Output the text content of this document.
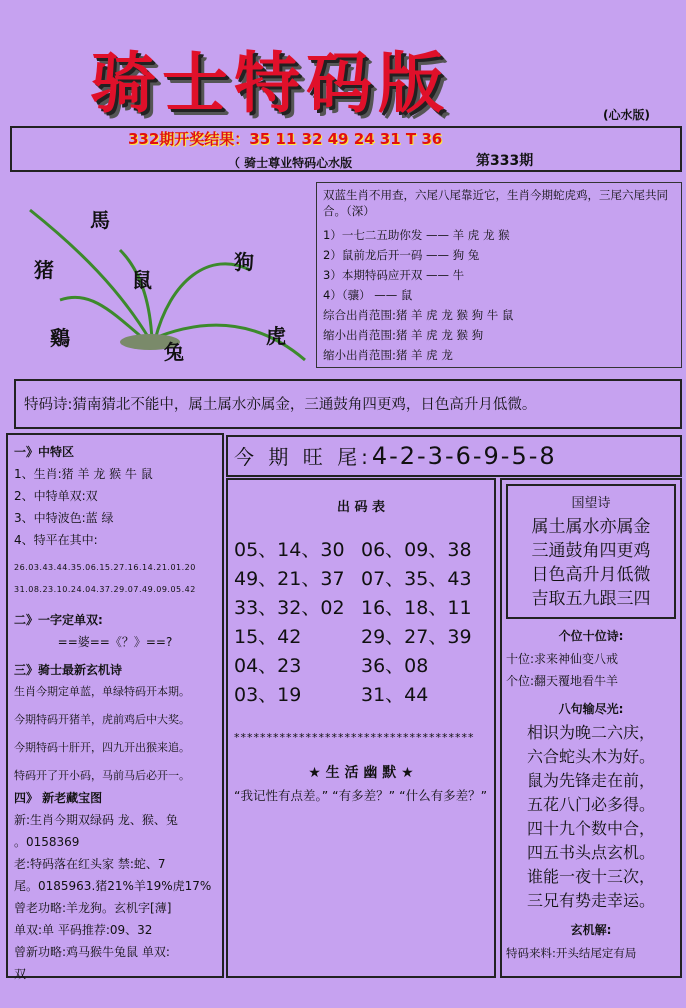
骑士特码版	(心水版)
332期开奖结果：35 11 32 49 24 31 T 36
（ 骑士尊业特码心水版	第333期
馬
猪	狗
鼠
鷄
兔
虎
双蓝生肖不用查，六尾八尾靠近它，生肖今期蛇虎鸡，三尾六尾共同合。（深）
1）一七二五助你发 —— 羊 虎 龙 猴
2）鼠前龙后开一码 —— 狗 兔
3）本期特码应开双 —— 牛
4）（骧） —— 鼠
综合出肖范围:猪 羊 虎 龙 猴 狗 牛 鼠
缩小出肖范围:猪 羊 虎 龙 猴 狗
缩小出肖范围:猪 羊 虎 龙
特码诗:猜南猜北不能中，属土属水亦属金，三通鼓角四更鸡，日色高升月低微。
一》中特区
1、生肖:猪 羊 龙 猴 牛 鼠
2、中特单双:双
3、中特波色:蓝 绿
4、特平在其中:
26.03.43.44.35.06.15.27.16.14.21.01.20
31.08.23.10.24.04.37.29.07.49.09.05.42
二》一字定单双:
==婆==《？》==?
三》骑士最新玄机诗
生肖今期定单蓝，单绿特码开本期。
今期特码开猪羊，虎前鸡后中大奖。
今期特码十肝开，四九开出猴来追。
特码开了开小码，马前马后必开一。
四》 新老藏宝图
新:生肖今期双绿码 龙、猴、兔
。0158369
老:特码落在红头家 禁:蛇、7
尾。0185963.猪21%羊19%虎17%
曾老功略:羊龙狗。玄机字[薄]
单双:单 平码推荐:09、32
曾新功略:鸡马猴牛兔鼠 单双:
双
今 期 旺 尾:4-2-3-6-9-5-8
出 码 表
05、14、30 06、09、38
49、21、37 07、35、43
33、32、02 16、18、11
15、42	29、27、39
04、23	36、08
03、19	31、44
*************************************
★ 生 活 幽 默 ★
“我记性有点差。” “有多差？” “什么有多差？”
国望诗
属土属水亦属金
三通鼓角四更鸡
日色高升月低微
吉取五九跟三四
个位十位诗:
十位:求来神仙变八戒
个位:翻天覆地看牛羊
八句输尽光:
相识为晚二六庆，
六合蛇头木为好。
鼠为先锋走在前，
五花八门必多得。
四十九个数中合，
四五书头点玄机。
谁能一夜十三次，
三兄有势走幸运。
玄机解:
特码来料:开头结尾定有局
